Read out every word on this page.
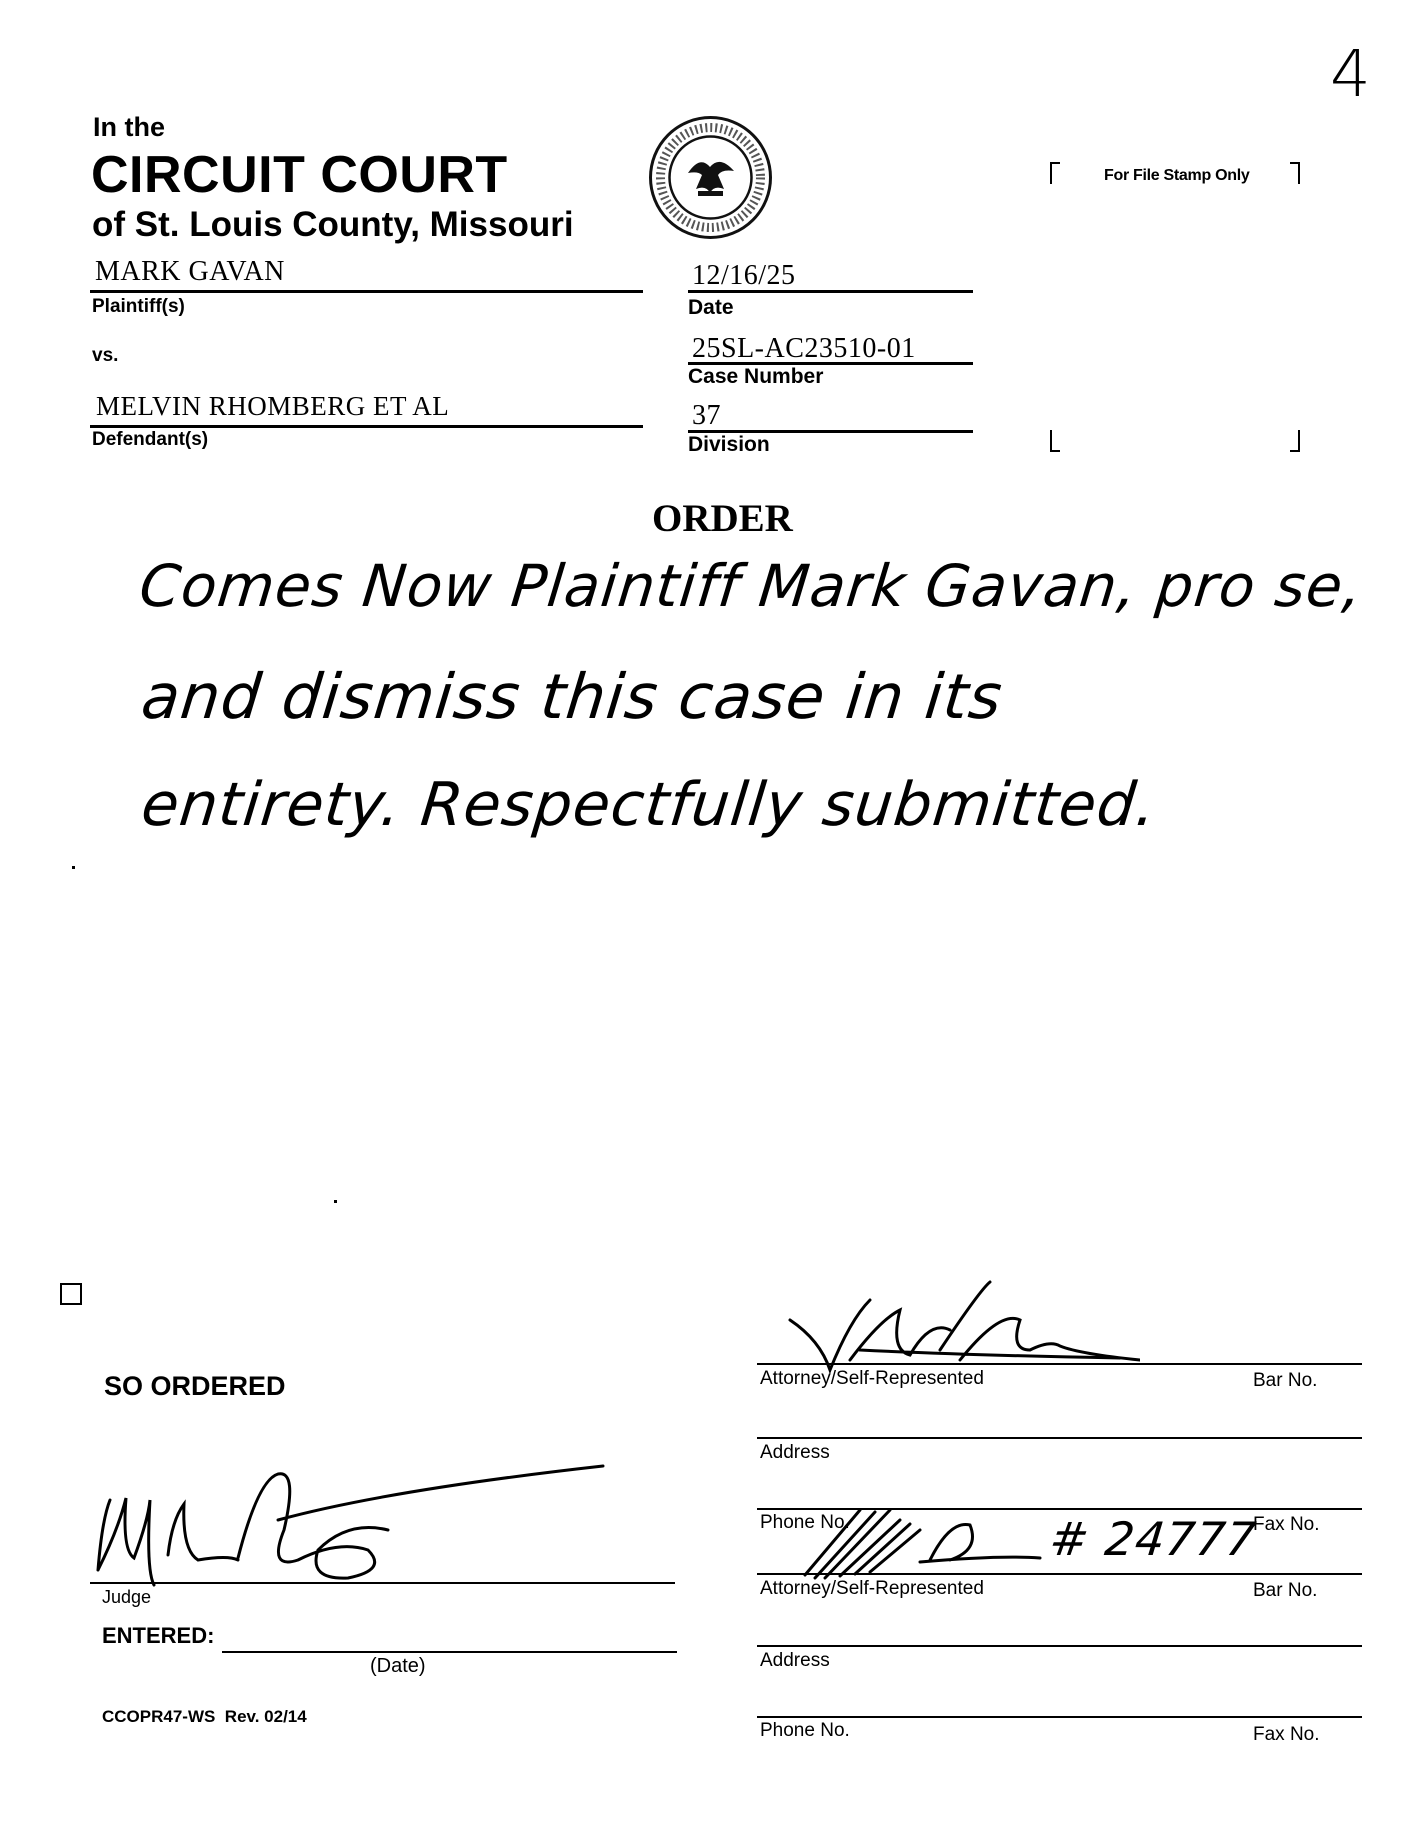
4
In the
CIRCUIT COURT
of St. Louis County, Missouri
For File Stamp Only
MARK GAVAN
Plaintiff(s)
vs.
MELVIN RHOMBERG ET AL
Defendant(s)
12/16/25
Date
25SL-AC23510-01
Case Number
37
Division
ORDER
Comes Now Plaintiff Mark Gavan, pro se,
and dismiss this case in its
entirety. Respectfully submitted.
SO ORDERED
Judge
ENTERED:
(Date)
CCOPR47-WS  Rev. 02/14
Attorney/Self-Represented	Bar No.
Address
Phone No.	Fax No.
# 24777
Attorney/Self-Represented	Bar No.
Address
Phone No.	Fax No.
